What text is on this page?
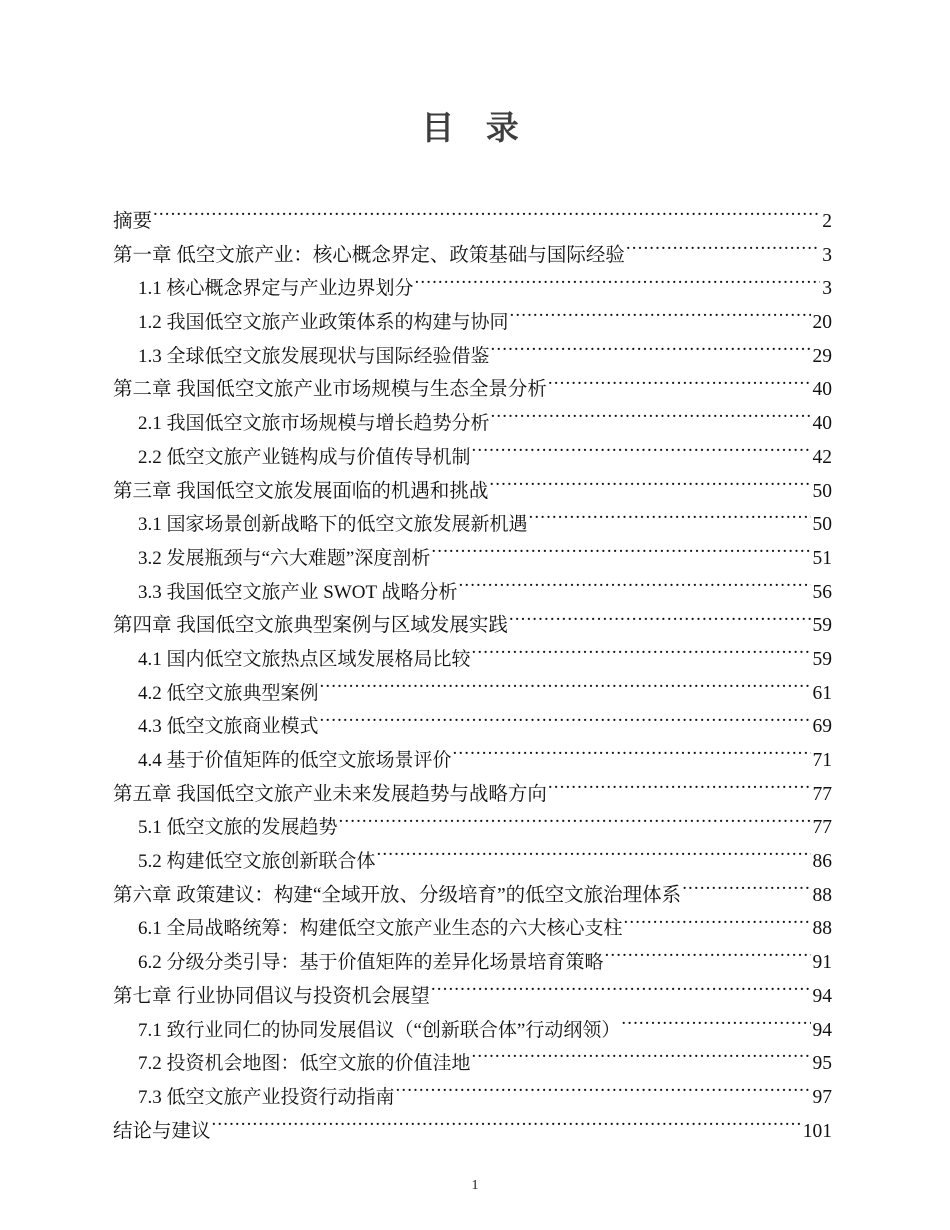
目 录
摘要 .....	2
第一章 低空文旅产业：核心概念界定、政策基础与国际经验 .....	3
1.1 核心概念界定与产业边界划分 .....	3
1.2 我国低空文旅产业政策体系的构建与协同 .....	20
1.3 全球低空文旅发展现状与国际经验借鉴 .....	29
第二章 我国低空文旅产业市场规模与生态全景分析 .....	40
2.1 我国低空文旅市场规模与增长趋势分析 .....	40
2.2 低空文旅产业链构成与价值传导机制 .....	42
第三章 我国低空文旅发展面临的机遇和挑战 .....	50
3.1 国家场景创新战略下的低空文旅发展新机遇 .....	50
3.2 发展瓶颈与“六大难题”深度剖析 .....	51
3.3 我国低空文旅产业 SWOT 战略分析 .....	56
第四章 我国低空文旅典型案例与区域发展实践 .....	59
4.1 国内低空文旅热点区域发展格局比较 .....	59
4.2 低空文旅典型案例 .....	61
4.3 低空文旅商业模式 .....	69
4.4 基于价值矩阵的低空文旅场景评价 .....	71
第五章 我国低空文旅产业未来发展趋势与战略方向 .....	77
5.1 低空文旅的发展趋势 .....	77
5.2 构建低空文旅创新联合体 .....	86
第六章 政策建议：构建“全域开放、分级培育”的低空文旅治理体系 .....	88
6.1 全局战略统筹：构建低空文旅产业生态的六大核心支柱 .....	88
6.2 分级分类引导：基于价值矩阵的差异化场景培育策略 .....	91
第七章 行业协同倡议与投资机会展望 .....	94
7.1 致行业同仁的协同发展倡议（“创新联合体”行动纲领） .....	94
7.2 投资机会地图：低空文旅的价值洼地 .....	95
7.3 低空文旅产业投资行动指南 .....	97
结论与建议 .....	101
1
